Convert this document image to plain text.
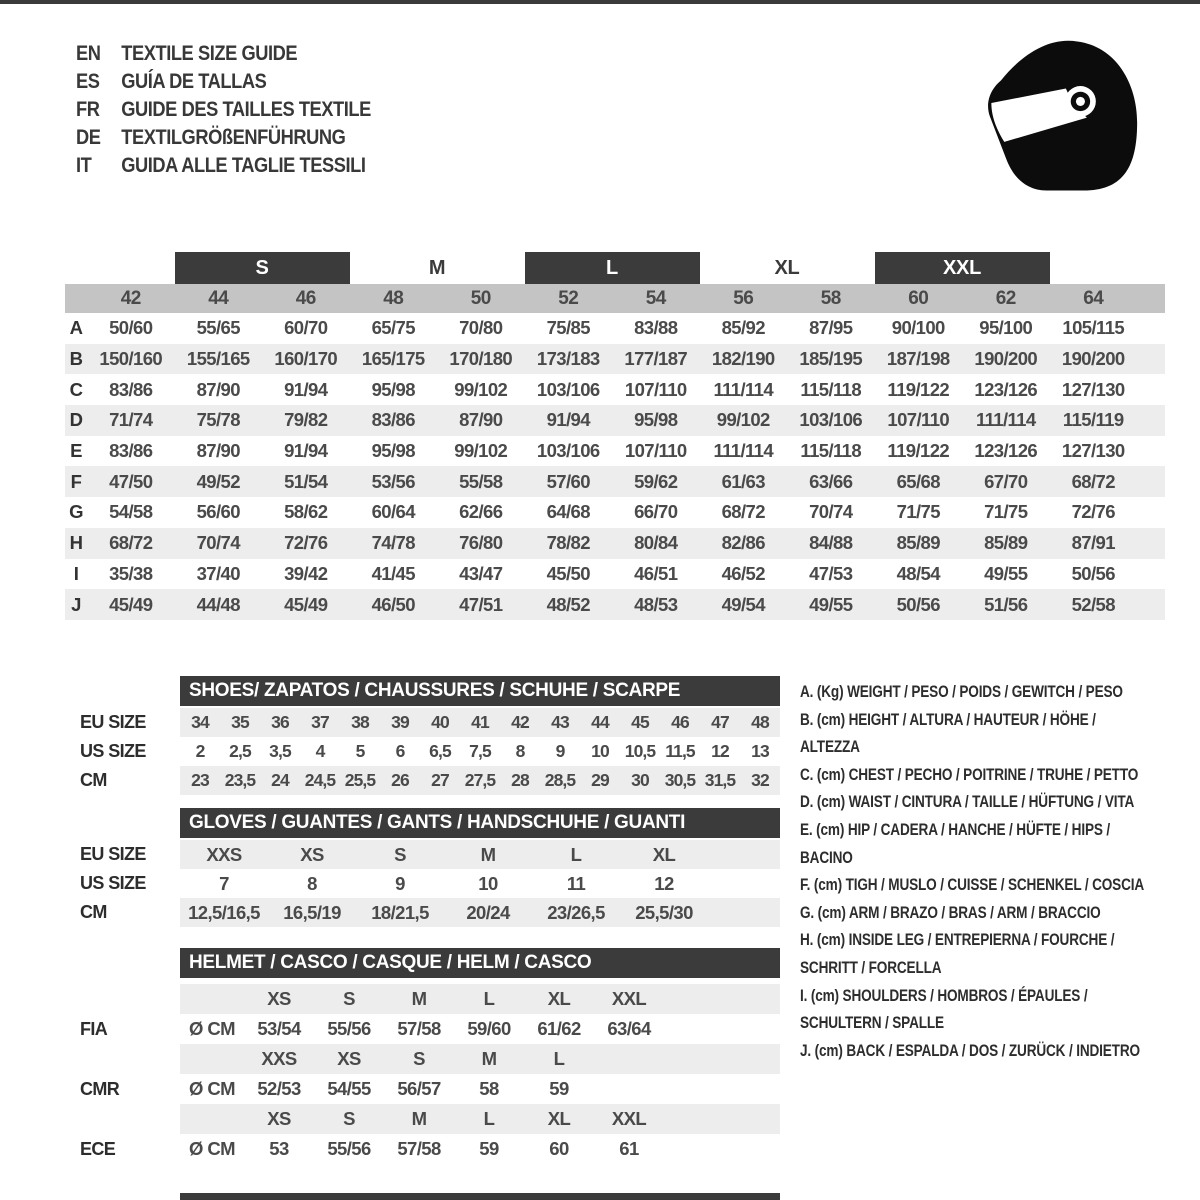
EN TEXTILE SIZE GUIDE
ES	GUÍA DE TALLAS
FR	GUIDE DES TAILLES TEXTILE
DE TEXTILGRÖßENFÜHRUNG
IT	GUIDA ALLE TAGLIE TESSILI
S	M	L	XL	XXL
42	44	46	48	50	52	54	56	58	60	62	64
A	50/60	55/65	60/70	65/75	70/80	75/85	83/88	85/92	87/95	90/100	95/100	105/115
B 150/160	155/165	160/170	165/175	170/180	173/183	177/187	182/190	185/195	187/198	190/200	190/200
C	83/86	87/90	91/94	95/98	99/102	103/106	107/110	111/114	115/118	119/122	123/126	127/130
D	71/74	75/78	79/82	83/86	87/90	91/94	95/98	99/102	103/106	107/110	111/114	115/119
E	83/86	87/90	91/94	95/98	99/102	103/106	107/110	111/114	115/118	119/122	123/126	127/130
F	47/50	49/52	51/54	53/56	55/58	57/60	59/62	61/63	63/66	65/68	67/70	68/72
G	54/58	56/60	58/62	60/64	62/66	64/68	66/70	68/72	70/74	71/75	71/75	72/76
H	68/72	70/74	72/76	74/78	76/80	78/82	80/84	82/86	84/88	85/89	85/89	87/91
I	35/38	37/40	39/42	41/45	43/47	45/50	46/51	46/52	47/53	48/54	49/55	50/56
J	45/49	44/48	45/49	46/50	47/51	48/52	48/53	49/54	49/55	50/56	51/56	52/58
SHOES/ ZAPATOS / CHAUSSURES / SCHUHE / SCARPE
EU SIZE	34	35	36	37	38	39	40	41	42	43	44	45	46	47	48
US SIZE	2	2,5	3,5	4	5	6	6,5	7,5	8	9	10 10,5 11,5 12	13
CM	23 23,5 24 24,5 25,5 26	27 27,5 28 28,5 29	30 30,5 31,5 32
GLOVES / GUANTES / GANTS / HANDSCHUHE / GUANTI
EU SIZE	XXS	XS	S	M	L	XL
US SIZE	7	8	9	10	11	12
CM	12,5/16,5	16,5/19	18/21,5	20/24	23/26,5	25,5/30
HELMET / CASCO / CASQUE / HELM / CASCO
XS	S	M	L	XL	XXL
FIA	Ø CM	53/54	55/56	57/58	59/60	61/62	63/64
XXS	XS	S	M	L
CMR	Ø CM	52/53	54/55	56/57	58	59
XS	S	M	L	XL	XXL
ECE	Ø CM	53	55/56	57/58	59	60	61
A. (Kg) WEIGHT / PESO / POIDS / GEWITCH / PESO
B. (cm) HEIGHT / ALTURA / HAUTEUR / HÖHE / ALTEZZA
C. (cm) CHEST / PECHO / POITRINE / TRUHE / PETTO
D. (cm) WAIST / CINTURA / TAILLE / HÜFTUNG / VITA
E. (cm) HIP / CADERA / HANCHE / HÜFTE / HIPS / BACINO
F. (cm) TIGH / MUSLO / CUISSE / SCHENKEL / COSCIA
G. (cm) ARM / BRAZO / BRAS / ARM / BRACCIO
H. (cm) INSIDE LEG / ENTREPIERNA / FOURCHE / SCHRITT / FORCELLA
I. (cm) SHOULDERS / HOMBROS / ÉPAULES / SCHULTERN / SPALLE
J. (cm) BACK / ESPALDA / DOS / ZURÜCK / INDIETRO
